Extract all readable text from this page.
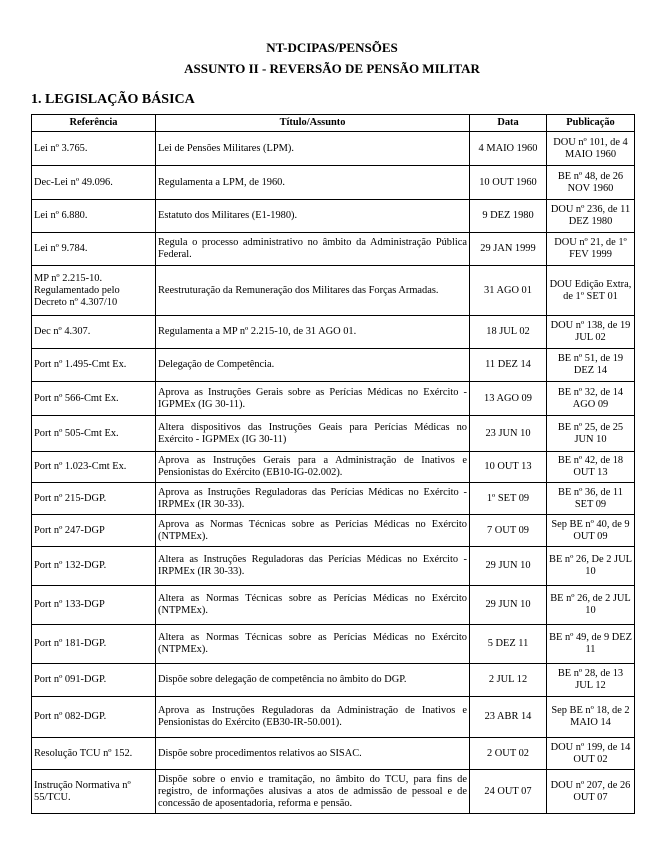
NT-DCIPAS/PENSÕES
ASSUNTO II - REVERSÃO DE PENSÃO MILITAR
1. LEGISLAÇÃO BÁSICA
Referência	Título/Assunto	Data	Publicação
Lei nº 3.765.	Lei de Pensões Militares (LPM).	4 MAIO 1960	DOU nº 101, de 4 MAIO 1960
Dec-Lei nº 49.096.	Regulamenta a LPM, de 1960.	10 OUT 1960	BE nº 48, de 26 NOV 1960
Lei nº 6.880.	Estatuto dos Militares (E1-1980).	9 DEZ 1980	DOU nº 236, de 11 DEZ 1980
Lei nº 9.784.	Regula o processo administrativo no âmbito da Administração Pública Federal.	29 JAN 1999	DOU nº 21, de 1º FEV 1999
MP nº 2.215-10. Regulamentado pelo Decreto nº 4.307/10	Reestruturação da Remuneração dos Militares das Forças Armadas.	31 AGO 01	DOU Edição Extra, de 1º SET 01
Dec nº 4.307.	Regulamenta a MP nº 2.215-10, de 31 AGO 01.	18 JUL 02	DOU nº 138, de 19 JUL 02
Port nº 1.495-Cmt Ex.	Delegação de Competência.	11 DEZ 14	BE nº 51, de 19 DEZ 14
Port nº 566-Cmt Ex.	Aprova as Instruções Gerais sobre as Perícias Médicas no Exército - IGPMEx (IG 30-11).	13 AGO 09	BE nº 32, de 14 AGO 09
Port nº 505-Cmt Ex.	Altera dispositivos das Instruções Geais para Perícias Médicas no Exército - IGPMEx (IG 30-11)	23 JUN 10	BE nº 25, de 25 JUN 10
Port nº 1.023-Cmt Ex.	Aprova as Instruções Gerais para a Administração de Inativos e Pensionistas do Exército (EB10-IG-02.002).	10 OUT 13	BE nº 42, de 18 OUT 13
Port nº 215-DGP.	Aprova as Instruções Reguladoras das Perícias Médicas no Exército - IRPMEx (IR 30-33).	1º SET 09	BE nº 36, de 11 SET 09
Port nº 247-DGP	Aprova as Normas Técnicas sobre as Perícias Médicas no Exército (NTPMEx).	7 OUT 09	Sep BE nº 40, de 9 OUT 09
Port nº 132-DGP.	Altera as Instruções Reguladoras das Perícias Médicas no Exército - IRPMEx (IR 30-33).	29 JUN 10	BE nº 26, De 2 JUL 10
Port nº 133-DGP	Altera as Normas Técnicas sobre as Perícias Médicas no Exército (NTPMEx).	29 JUN 10	BE nº 26, de 2 JUL 10
Port nº 181-DGP.	Altera as Normas Técnicas sobre as Perícias Médicas no Exército (NTPMEx).	5 DEZ 11	BE nº 49, de 9 DEZ 11
Port nº 091-DGP.	Dispõe sobre delegação de competência no âmbito do DGP.	2 JUL 12	BE nº 28, de 13 JUL 12
Port nº 082-DGP.	Aprova as Instruções Reguladoras da Administração de Inativos e Pensionistas do Exército (EB30-IR-50.001).	23 ABR 14	Sep BE nº 18, de 2 MAIO 14
Resolução TCU nº 152.	Dispõe sobre procedimentos relativos ao SISAC.	2 OUT 02	DOU nº 199, de 14 OUT 02
Instrução Normativa nº 55/TCU.	Dispõe sobre o envio e tramitação, no âmbito do TCU, para fins de registro, de informações alusivas a atos de admissão de pessoal e de concessão de aposentadoria, reforma e pensão.	24 OUT 07	DOU nº 207, de 26 OUT 07
